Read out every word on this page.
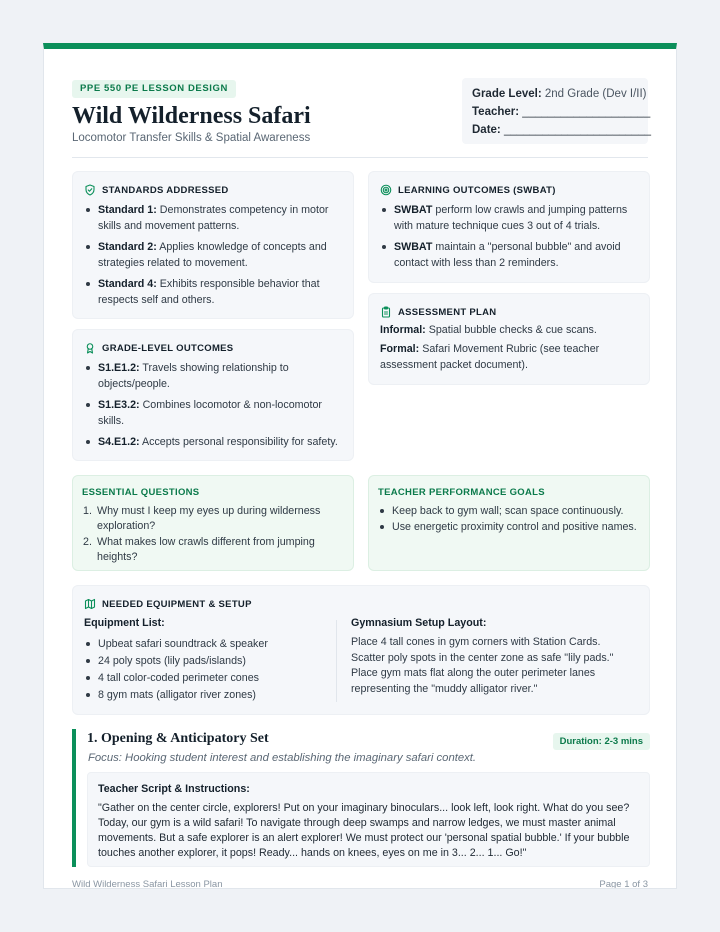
PPE 550 PE LESSON DESIGN
Wild Wilderness Safari
Locomotor Transfer Skills & Spatial Awareness
Grade Level: 2nd Grade (Dev I/II)
Teacher: ____________________
Date: _______________________
STANDARDS ADDRESSED
Standard 1: Demonstrates competency in motor skills and movement patterns.
Standard 2: Applies knowledge of concepts and strategies related to movement.
Standard 4: Exhibits responsible behavior that respects self and others.
GRADE-LEVEL OUTCOMES
S1.E1.2: Travels showing relationship to objects/people.
S1.E3.2: Combines locomotor & non-locomotor skills.
S4.E1.2: Accepts personal responsibility for safety.
LEARNING OUTCOMES (SWBAT)
SWBAT perform low crawls and jumping patterns with mature technique cues 3 out of 4 trials.
SWBAT maintain a "personal bubble" and avoid contact with less than 2 reminders.
ASSESSMENT PLAN
Informal: Spatial bubble checks & cue scans.
Formal: Safari Movement Rubric (see teacher assessment packet document).
ESSENTIAL QUESTIONS
1. Why must I keep my eyes up during wilderness exploration?
2. What makes low crawls different from jumping heights?
TEACHER PERFORMANCE GOALS
Keep back to gym wall; scan space continuously.
Use energetic proximity control and positive names.
NEEDED EQUIPMENT & SETUP
Equipment List:
Upbeat safari soundtrack & speaker
24 poly spots (lily pads/islands)
4 tall color-coded perimeter cones
8 gym mats (alligator river zones)
Gymnasium Setup Layout:
Place 4 tall cones in gym corners with Station Cards. Scatter poly spots in the center zone as safe "lily pads." Place gym mats flat along the outer perimeter lanes representing the "muddy alligator river."
1. Opening & Anticipatory Set	Duration: 2-3 mins
Focus: Hooking student interest and establishing the imaginary safari context.
Teacher Script & Instructions:
"Gather on the center circle, explorers! Put on your imaginary binoculars... look left, look right. What do you see? Today, our gym is a wild safari! To navigate through deep swamps and narrow ledges, we must master animal movements. But a safe explorer is an alert explorer! We must protect our 'personal spatial bubble.' If your bubble touches another explorer, it pops! Ready... hands on knees, eyes on me in 3... 2... 1... Go!"
Wild Wilderness Safari Lesson Plan	Page 1 of 3
